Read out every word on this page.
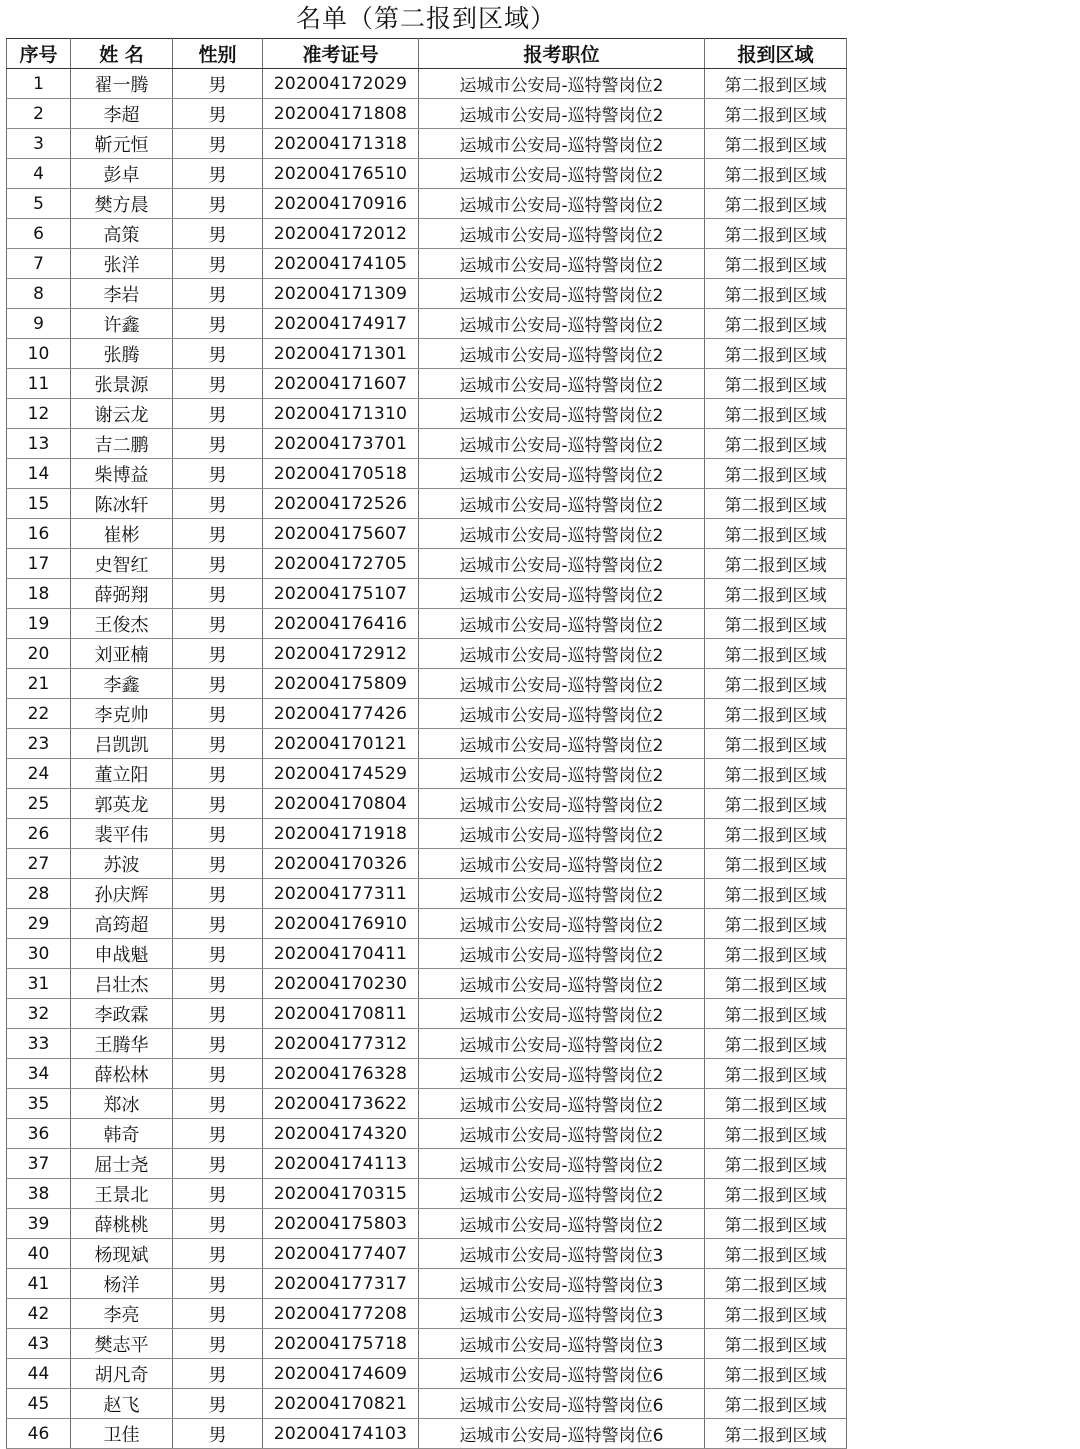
名单（第二报到区域）
序号	姓 名	性别	准考证号	报考职位	报到区域
1	翟一腾	男	202004172029	运城市公安局-巡特警岗位2	第二报到区域
2	李超	男	202004171808	运城市公安局-巡特警岗位2	第二报到区域
3	靳元恒	男	202004171318	运城市公安局-巡特警岗位2	第二报到区域
4	彭卓	男	202004176510	运城市公安局-巡特警岗位2	第二报到区域
5	樊方晨	男	202004170916	运城市公安局-巡特警岗位2	第二报到区域
6	高策	男	202004172012	运城市公安局-巡特警岗位2	第二报到区域
7	张洋	男	202004174105	运城市公安局-巡特警岗位2	第二报到区域
8	李岩	男	202004171309	运城市公安局-巡特警岗位2	第二报到区域
9	许鑫	男	202004174917	运城市公安局-巡特警岗位2	第二报到区域
10	张腾	男	202004171301	运城市公安局-巡特警岗位2	第二报到区域
11	张景源	男	202004171607	运城市公安局-巡特警岗位2	第二报到区域
12	谢云龙	男	202004171310	运城市公安局-巡特警岗位2	第二报到区域
13	吉二鹏	男	202004173701	运城市公安局-巡特警岗位2	第二报到区域
14	柴博益	男	202004170518	运城市公安局-巡特警岗位2	第二报到区域
15	陈冰轩	男	202004172526	运城市公安局-巡特警岗位2	第二报到区域
16	崔彬	男	202004175607	运城市公安局-巡特警岗位2	第二报到区域
17	史智红	男	202004172705	运城市公安局-巡特警岗位2	第二报到区域
18	薛弼翔	男	202004175107	运城市公安局-巡特警岗位2	第二报到区域
19	王俊杰	男	202004176416	运城市公安局-巡特警岗位2	第二报到区域
20	刘亚楠	男	202004172912	运城市公安局-巡特警岗位2	第二报到区域
21	李鑫	男	202004175809	运城市公安局-巡特警岗位2	第二报到区域
22	李克帅	男	202004177426	运城市公安局-巡特警岗位2	第二报到区域
23	吕凯凯	男	202004170121	运城市公安局-巡特警岗位2	第二报到区域
24	董立阳	男	202004174529	运城市公安局-巡特警岗位2	第二报到区域
25	郭英龙	男	202004170804	运城市公安局-巡特警岗位2	第二报到区域
26	裴平伟	男	202004171918	运城市公安局-巡特警岗位2	第二报到区域
27	苏波	男	202004170326	运城市公安局-巡特警岗位2	第二报到区域
28	孙庆辉	男	202004177311	运城市公安局-巡特警岗位2	第二报到区域
29	高筠超	男	202004176910	运城市公安局-巡特警岗位2	第二报到区域
30	申战魁	男	202004170411	运城市公安局-巡特警岗位2	第二报到区域
31	吕壮杰	男	202004170230	运城市公安局-巡特警岗位2	第二报到区域
32	李政霖	男	202004170811	运城市公安局-巡特警岗位2	第二报到区域
33	王腾华	男	202004177312	运城市公安局-巡特警岗位2	第二报到区域
34	薛松林	男	202004176328	运城市公安局-巡特警岗位2	第二报到区域
35	郑冰	男	202004173622	运城市公安局-巡特警岗位2	第二报到区域
36	韩奇	男	202004174320	运城市公安局-巡特警岗位2	第二报到区域
37	屈士尧	男	202004174113	运城市公安局-巡特警岗位2	第二报到区域
38	王景北	男	202004170315	运城市公安局-巡特警岗位2	第二报到区域
39	薛桃桃	男	202004175803	运城市公安局-巡特警岗位2	第二报到区域
40	杨现斌	男	202004177407	运城市公安局-巡特警岗位3	第二报到区域
41	杨洋	男	202004177317	运城市公安局-巡特警岗位3	第二报到区域
42	李亮	男	202004177208	运城市公安局-巡特警岗位3	第二报到区域
43	樊志平	男	202004175718	运城市公安局-巡特警岗位3	第二报到区域
44	胡凡奇	男	202004174609	运城市公安局-巡特警岗位6	第二报到区域
45	赵飞	男	202004170821	运城市公安局-巡特警岗位6	第二报到区域
46	卫佳	男	202004174103	运城市公安局-巡特警岗位6	第二报到区域
